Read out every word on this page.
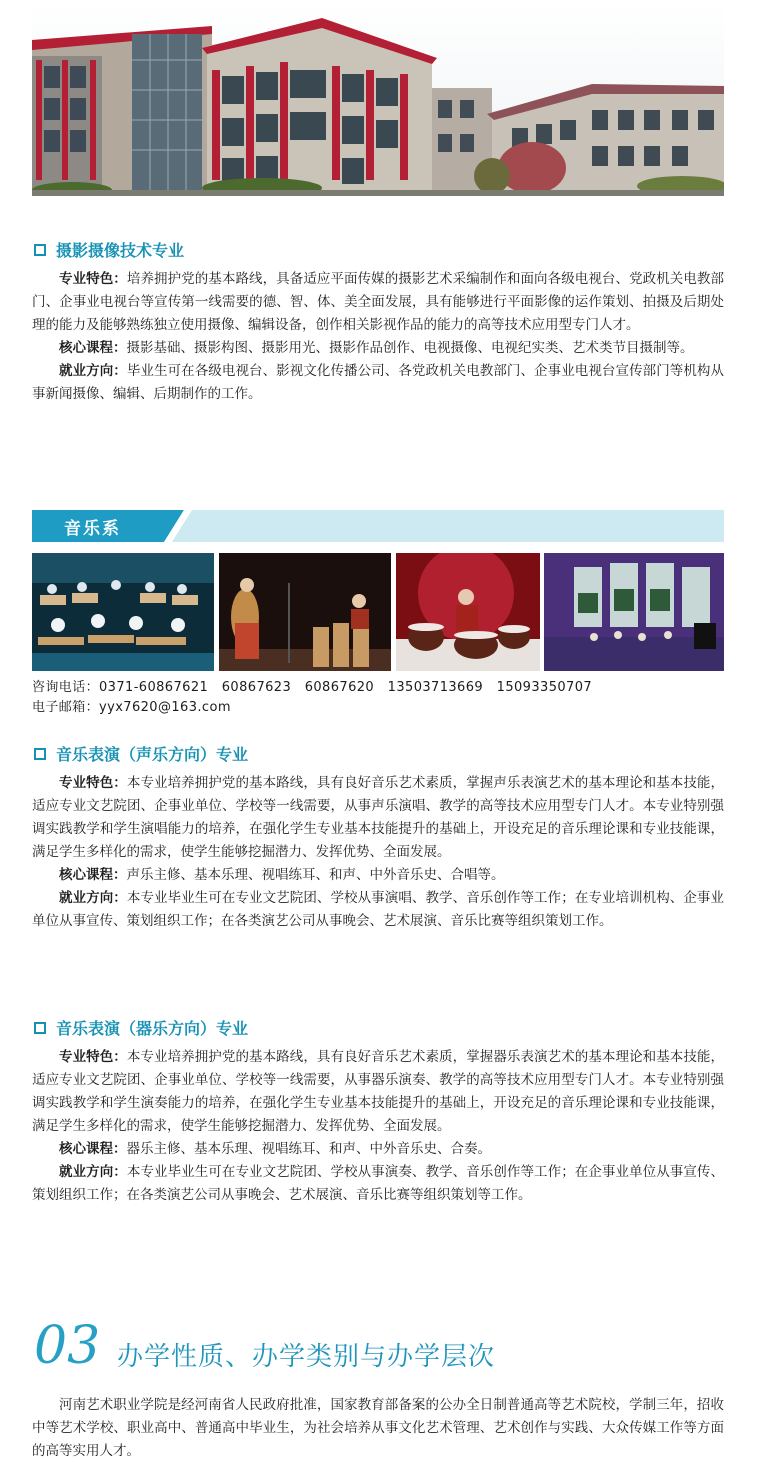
摄影摄像技术专业

专业特色：培养拥护党的基本路线，具备适应平面传媒的摄影艺术采编制作和面向各级电视台、党政机关电教部门、企事业电视台等宣传第一线需要的德、智、体、美全面发展，具有能够进行平面影像的运作策划、拍摄及后期处理的能力及能够熟练独立使用摄像、编辑设备，创作相关影视作品的能力的高等技术应用型专门人才。

核心课程：摄影基础、摄影构图、摄影用光、摄影作品创作、电视摄像、电视纪实类、艺术类节目摄制等。

就业方向：毕业生可在各级电视台、影视文化传播公司、各党政机关电教部门、企事业电视台宣传部门等机构从事新闻摄像、编辑、后期制作的工作。

音乐系
咨询电话：0371-60867621   60867623   60867620   13503713669   15093350707
电子邮箱：yyx7620@163.com
音乐表演（声乐方向）专业

专业特色：本专业培养拥护党的基本路线，具有良好音乐艺术素质，掌握声乐表演艺术的基本理论和基本技能，适应专业文艺院团、企事业单位、学校等一线需要，从事声乐演唱、教学的高等技术应用型专门人才。本专业特别强调实践教学和学生演唱能力的培养，在强化学生专业基本技能提升的基础上，开设充足的音乐理论课和专业技能课，满足学生多样化的需求，使学生能够挖掘潜力、发挥优势、全面发展。

核心课程：声乐主修、基本乐理、视唱练耳、和声、中外音乐史、合唱等。

就业方向：本专业毕业生可在专业文艺院团、学校从事演唱、教学、音乐创作等工作；在专业培训机构、企事业单位从事宣传、策划组织工作；在各类演艺公司从事晚会、艺术展演、音乐比赛等组织策划工作。

音乐表演（器乐方向）专业

专业特色：本专业培养拥护党的基本路线，具有良好音乐艺术素质，掌握器乐表演艺术的基本理论和基本技能，适应专业文艺院团、企事业单位、学校等一线需要，从事器乐演奏、教学的高等技术应用型专门人才。本专业特别强调实践教学和学生演奏能力的培养，在强化学生专业基本技能提升的基础上，开设充足的音乐理论课和专业技能课，满足学生多样化的需求，使学生能够挖掘潜力、发挥优势、全面发展。

核心课程：器乐主修、基本乐理、视唱练耳、和声、中外音乐史、合奏。

就业方向：本专业毕业生可在专业文艺院团、学校从事演奏、教学、音乐创作等工作；在企事业单位从事宣传、策划组织工作；在各类演艺公司从事晚会、艺术展演、音乐比赛等组织策划等工作。

03 办学性质、办学类别与办学层次

河南艺术职业学院是经河南省人民政府批准，国家教育部备案的公办全日制普通高等艺术院校，学制三年，招收中等艺术学校、职业高中、普通高中毕业生，为社会培养从事文化艺术管理、艺术创作与实践、大众传媒工作等方面的高等实用人才。
